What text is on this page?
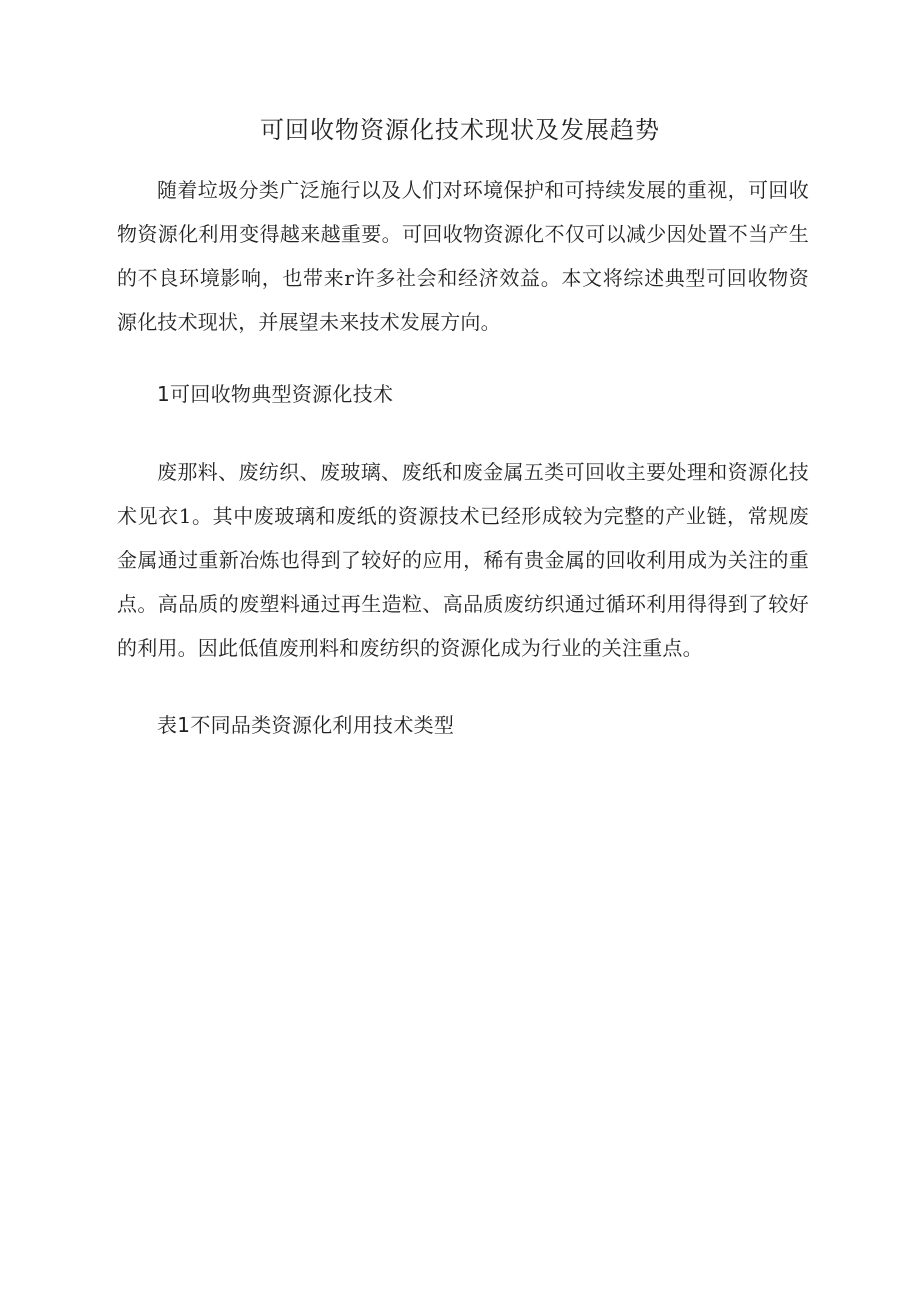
可回收物资源化技术现状及发展趋势

随着垃圾分类广泛施行以及人们对环境保护和可持续发展的重视，可回收物资源化利用变得越来越重要。可回收物资源化不仅可以减少因处置不当产生的不良环境影响，也带来r许多社会和经济效益。本文将综述典型可回收物资源化技术现状，并展望未来技术发展方向。

1可回收物典型资源化技术

废那料、废纺织、废玻璃、废纸和废金属五类可回收主要处理和资源化技术见衣1。其中废玻璃和废纸的资源技术已经形成较为完整的产业链，常规废金属通过重新冶炼也得到了较好的应用，稀有贵金属的回收利用成为关注的重点。高品质的废塑料通过再生造粒、高品质废纺织通过循环利用得得到了较好的利用。因此低值废刑料和废纺织的资源化成为行业的关注重点。

表1不同品类资源化利用技术类型
